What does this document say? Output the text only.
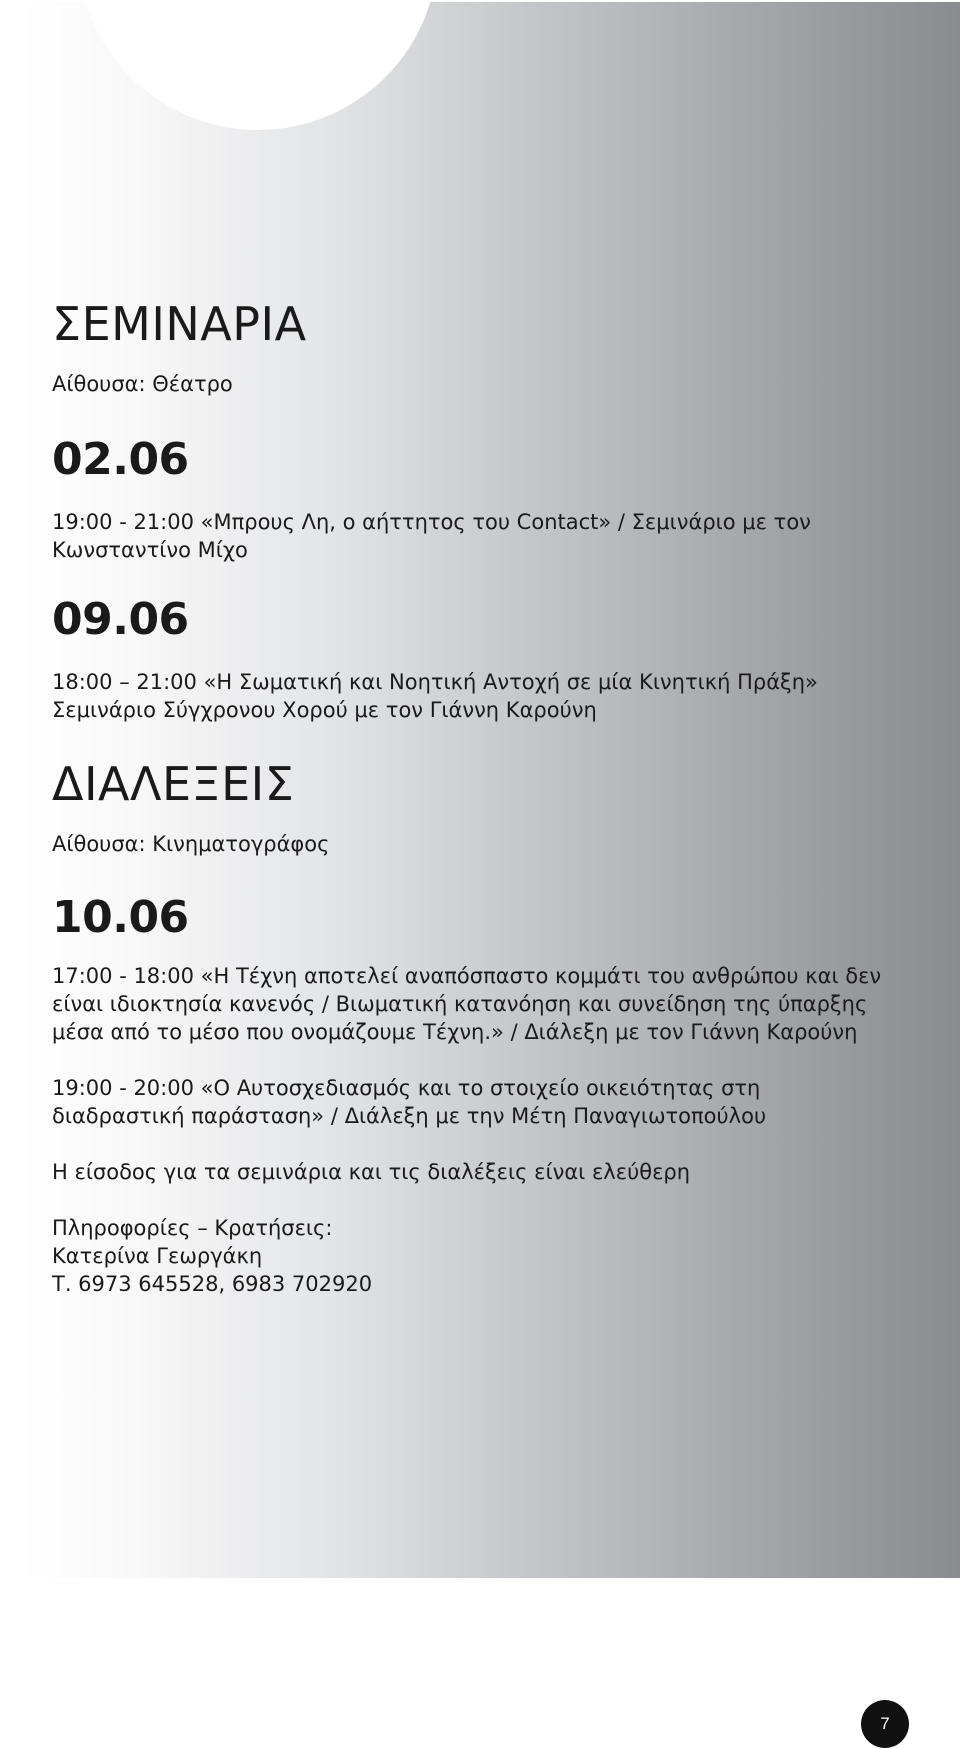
ΣΕΜΙΝΑΡΙΑ

Αίθουσα: Θέατρο

02.06

19:00 - 21:00 «Μπρους Λη, ο αήττητος του Contact» / Σεμινάριο με τον Κωνσταντίνο Μίχο

09.06

18:00 – 21:00 «Η Σωματική και Νοητική Αντοχή σε μία Κινητική Πράξη» Σεμινάριο Σύγχρονου Χορού με τον Γιάννη Καρούνη

ΔΙΑΛΕΞΕΙΣ

Αίθουσα: Κινηματογράφος

10.06

17:00 - 18:00 «Η Τέχνη αποτελεί αναπόσπαστο κομμάτι του ανθρώπου και δεν είναι ιδιοκτησία κανενός / Βιωματική κατανόηση και συνείδηση της ύπαρξης μέσα από το μέσο που ονομάζουμε Τέχνη.» / Διάλεξη με τον Γιάννη Καρούνη

19:00 - 20:00 «Ο Αυτοσχεδιασμός και το στοιχείο οικειότητας στη διαδραστική παράσταση» / Διάλεξη με την Μέτη Παναγιωτοπούλου

Η είσοδος για τα σεμινάρια και τις διαλέξεις είναι ελεύθερη

Πληροφορίες – Κρατήσεις:

Κατερίνα Γεωργάκη

Τ. 6973 645528, 6983 702920

7
